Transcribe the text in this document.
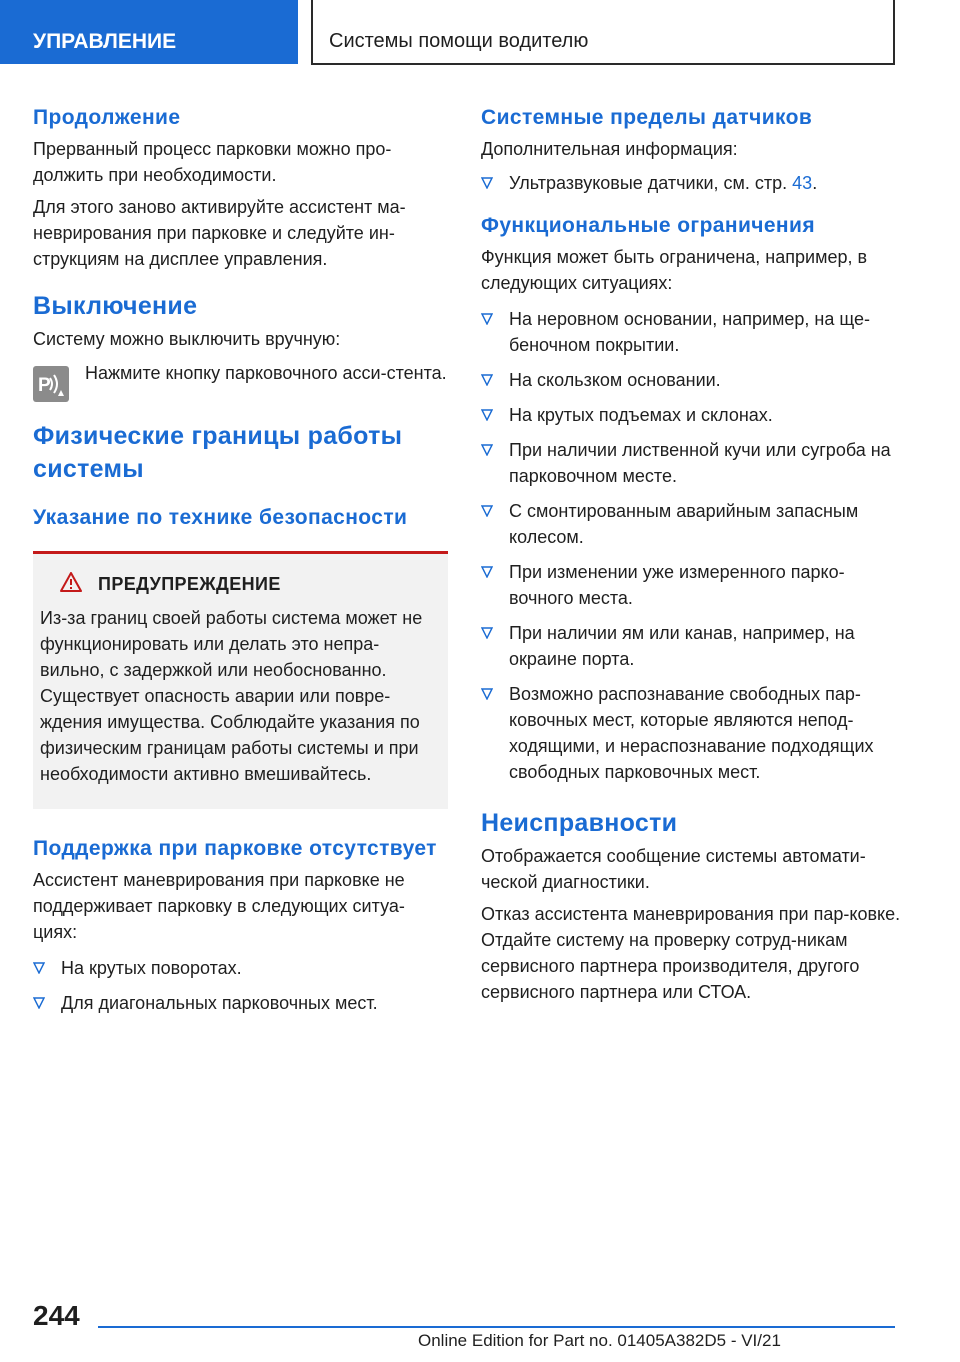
УПРАВЛЕНИЕ	Системы помощи водителю
Продолжение
Прерванный процесс парковки можно про-должить при необходимости.
Для этого заново активируйте ассистент ма-неврирования при парковке и следуйте ин-струкциям на дисплее управления.
Выключение
Систему можно выключить вручную:
P
Нажмите кнопку парковочного асси-стента.
Физические границы работы системы
Указание по технике безопасности
ПРЕДУПРЕЖДЕНИЕ
Из-за границ своей работы система может не функционировать или делать это непра-вильно, с задержкой или необоснованно. Существует опасность аварии или повре-ждения имущества. Соблюдайте указания по физическим границам работы системы и при необходимости активно вмешивайтесь.
Поддержка при парковке отсутствует
Ассистент маневрирования при парковке не поддерживает парковку в следующих ситуа-циях:
На крутых поворотах.
Для диагональных парковочных мест.
Системные пределы датчиков
Дополнительная информация:
Ультразвуковые датчики, см. стр. 43.
Функциональные ограничения
Функция может быть ограничена, например, в следующих ситуациях:
На неровном основании, например, на ще-беночном покрытии.
На скользком основании.
На крутых подъемах и склонах.
При наличии лиственной кучи или сугроба на парковочном месте.
С смонтированным аварийным запасным колесом.
При изменении уже измеренного парко-вочного места.
При наличии ям или канав, например, на окраине порта.
Возможно распознавание свободных пар-ковочных мест, которые являются непод-ходящими, и нераспознавание подходящих свободных парковочных мест.
Неисправности
Отображается сообщение системы автомати-ческой диагностики.
Отказ ассистента маневрирования при пар-ковке. Отдайте систему на проверку сотруд-никам сервисного партнера производителя, другого сервисного партнера или СТОА.
244
Online Edition for Part no. 01405A382D5 - VI/21
